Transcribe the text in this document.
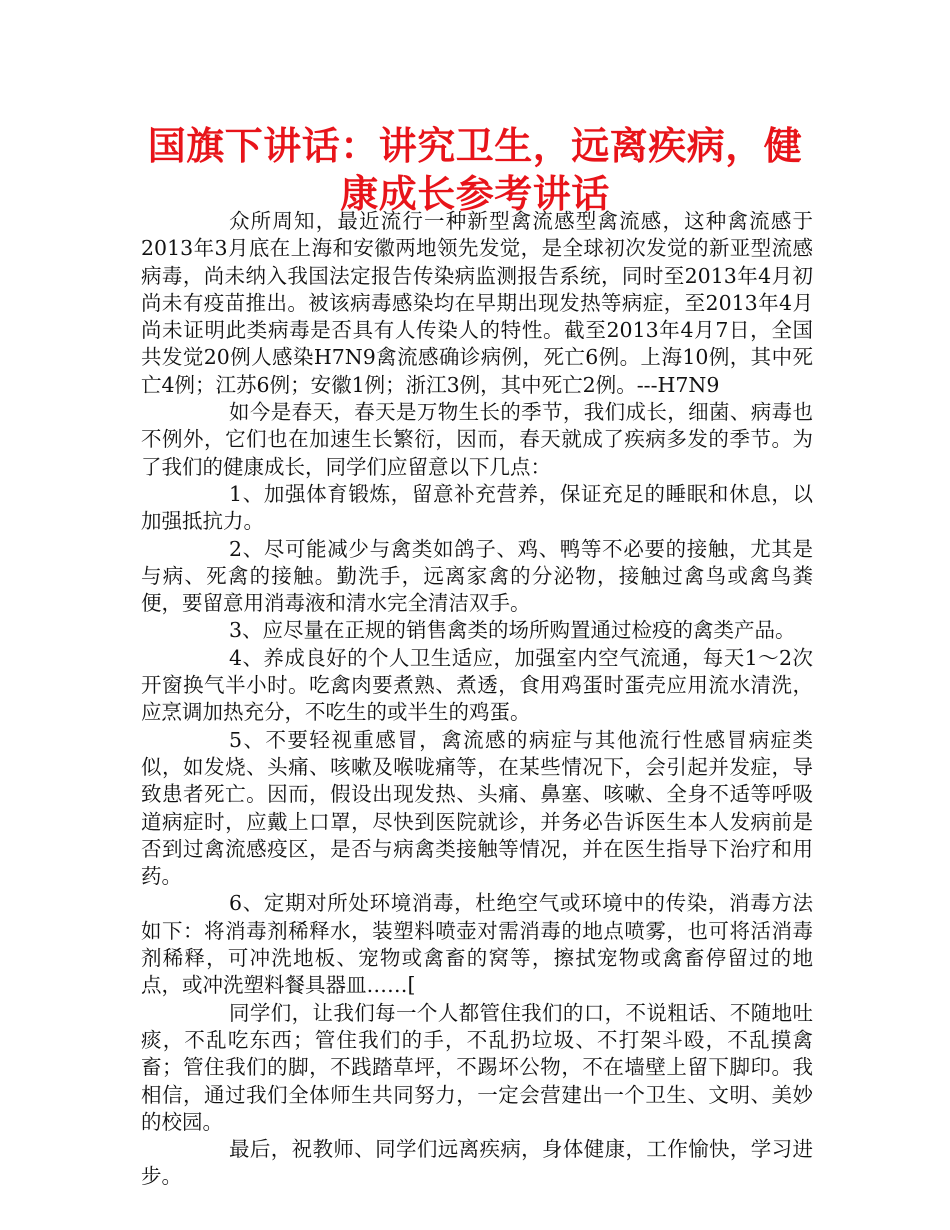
国旗下讲话：讲究卫生，远离疾病，健康成长参考讲话

众所周知，最近流行一种新型禽流感型禽流感，这种禽流感于2013年3月底在上海和安徽两地领先发觉，是全球初次发觉的新亚型流感病毒，尚未纳入我国法定报告传染病监测报告系统，同时至2013年4月初尚未有疫苗推出。被该病毒感染均在早期出现发热等病症，至2013年4月尚未证明此类病毒是否具有人传染人的特性。截至2013年4月7日，全国共发觉20例人感染H7N9禽流感确诊病例，死亡6例。上海10例，其中死亡4例；江苏6例；安徽1例；浙江3例，其中死亡2例。---H7N9

如今是春天，春天是万物生长的季节，我们成长，细菌、病毒也不例外，它们也在加速生长繁衍，因而，春天就成了疾病多发的季节。为了我们的健康成长，同学们应留意以下几点：

1、加强体育锻炼，留意补充营养，保证充足的睡眠和休息，以加强抵抗力。

2、尽可能减少与禽类如鸽子、鸡、鸭等不必要的接触，尤其是与病、死禽的接触。勤洗手，远离家禽的分泌物，接触过禽鸟或禽鸟粪便，要留意用消毒液和清水完全清洁双手。

3、应尽量在正规的销售禽类的场所购置通过检疫的禽类产品。

4、养成良好的个人卫生适应，加强室内空气流通，每天1～2次开窗换气半小时。吃禽肉要煮熟、煮透，食用鸡蛋时蛋壳应用流水清洗，应烹调加热充分，不吃生的或半生的鸡蛋。

5、不要轻视重感冒，禽流感的病症与其他流行性感冒病症类似，如发烧、头痛、咳嗽及喉咙痛等，在某些情况下，会引起并发症，导致患者死亡。因而，假设出现发热、头痛、鼻塞、咳嗽、全身不适等呼吸道病症时，应戴上口罩，尽快到医院就诊，并务必告诉医生本人发病前是否到过禽流感疫区，是否与病禽类接触等情况，并在医生指导下治疗和用药。

6、定期对所处环境消毒，杜绝空气或环境中的传染，消毒方法如下：将消毒剂稀释水，装塑料喷壶对需消毒的地点喷雾，也可将活消毒剂稀释，可冲洗地板、宠物或禽畜的窝等，擦拭宠物或禽畜停留过的地点，或冲洗塑料餐具器皿……[

同学们，让我们每一个人都管住我们的口，不说粗话、不随地吐痰，不乱吃东西；管住我们的手，不乱扔垃圾、不打架斗殴，不乱摸禽畜；管住我们的脚，不践踏草坪，不踢坏公物，不在墙壁上留下脚印。我相信，通过我们全体师生共同努力，一定会营建出一个卫生、文明、美妙的校园。

最后，祝教师、同学们远离疾病，身体健康，工作愉快，学习进步。
